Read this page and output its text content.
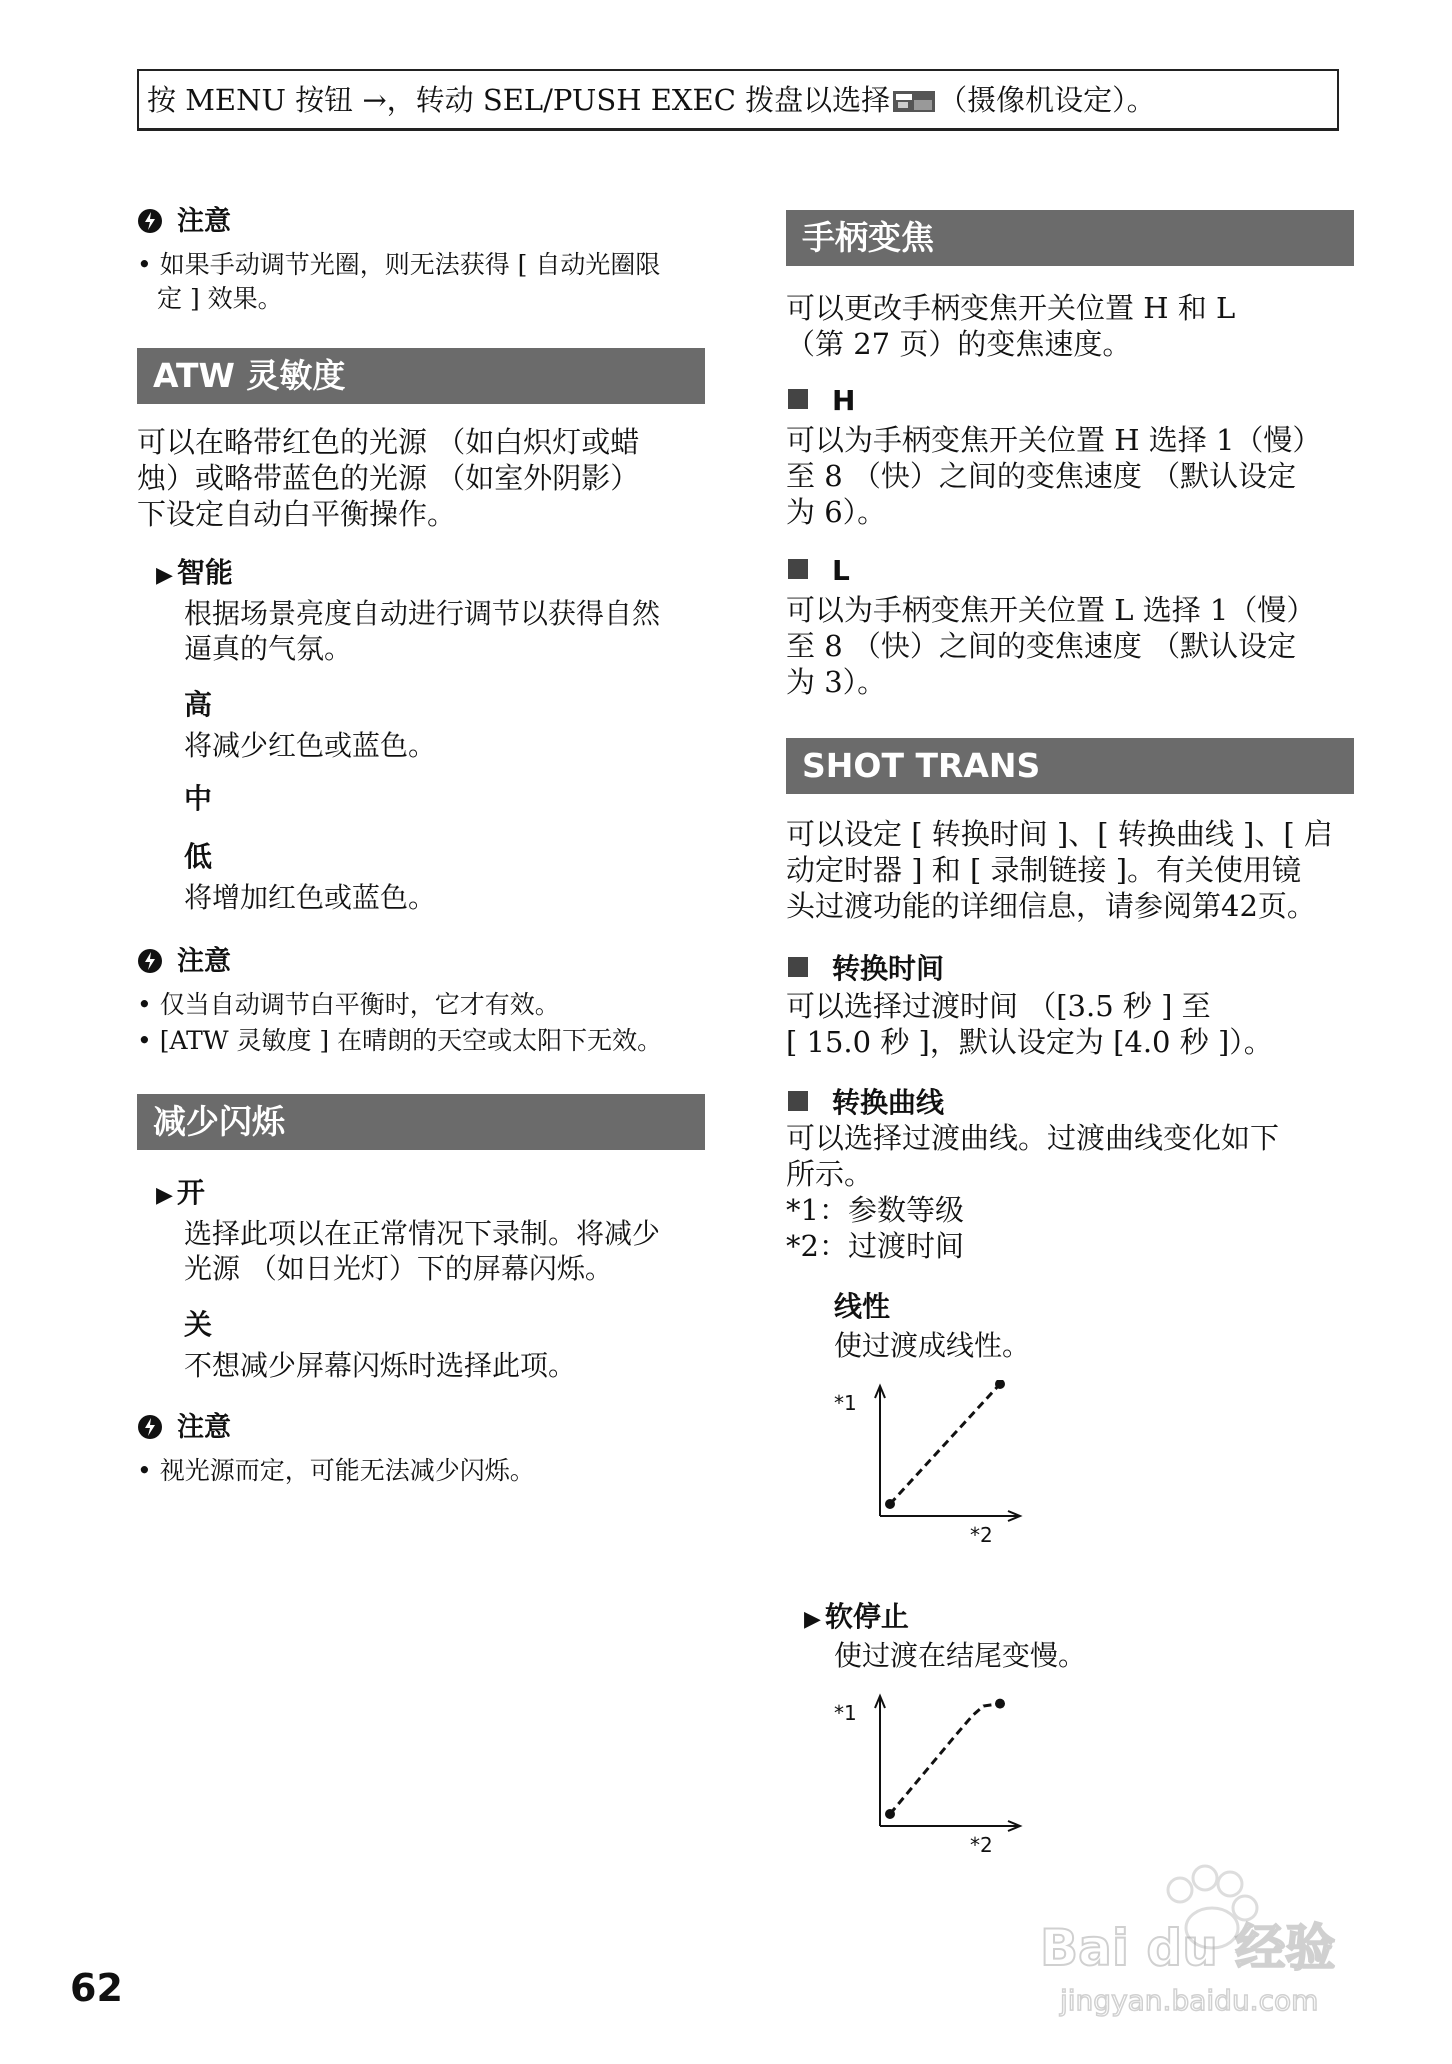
按 MENU 按钮 →，转动 SEL/PUSH EXEC 拨盘以选择 （摄像机设定）。
注意
• 如果手动调节光圈，则无法获得 [ 自动光圈限
定 ] 效果。
ATW 灵敏度
可以在略带红色的光源 （如白炽灯或蜡
烛）或略带蓝色的光源 （如室外阴影）
下设定自动白平衡操作。
▶ 智能
根据场景亮度自动进行调节以获得自然
逼真的气氛。
高
将减少红色或蓝色。
中
低
将增加红色或蓝色。
注意
• 仅当自动调节白平衡时，它才有效。
• [ATW 灵敏度 ] 在晴朗的天空或太阳下无效。
减少闪烁
▶ 开
选择此项以在正常情况下录制。将减少
光源 （如日光灯）下的屏幕闪烁。
关
不想减少屏幕闪烁时选择此项。
注意
• 视光源而定，可能无法减少闪烁。
手柄变焦
可以更改手柄变焦开关位置 H 和 L
（第 27 页）的变焦速度。
H
可以为手柄变焦开关位置 H 选择 1（慢）
至 8 （快）之间的变焦速度 （默认设定
为 6）。
L
可以为手柄变焦开关位置 L 选择 1（慢）
至 8 （快）之间的变焦速度 （默认设定
为 3）。
SHOT TRANS
可以设定 [ 转换时间 ]、[ 转换曲线 ]、[ 启
动定时器 ] 和 [ 录制链接 ]。有关使用镜
头过渡功能的详细信息，请参阅第42页。
转换时间
可以选择过渡时间 （[3.5 秒 ] 至
[ 15.0 秒 ]，默认设定为 [4.0 秒 ]）。
转换曲线
可以选择过渡曲线。过渡曲线变化如下
所示。
*1：参数等级
*2：过渡时间
线性
使过渡成线性。
*1
*2
▶ 软停止
使过渡在结尾变慢。
*1
*2
62
Bai du 经验
jingyan.baidu.com
